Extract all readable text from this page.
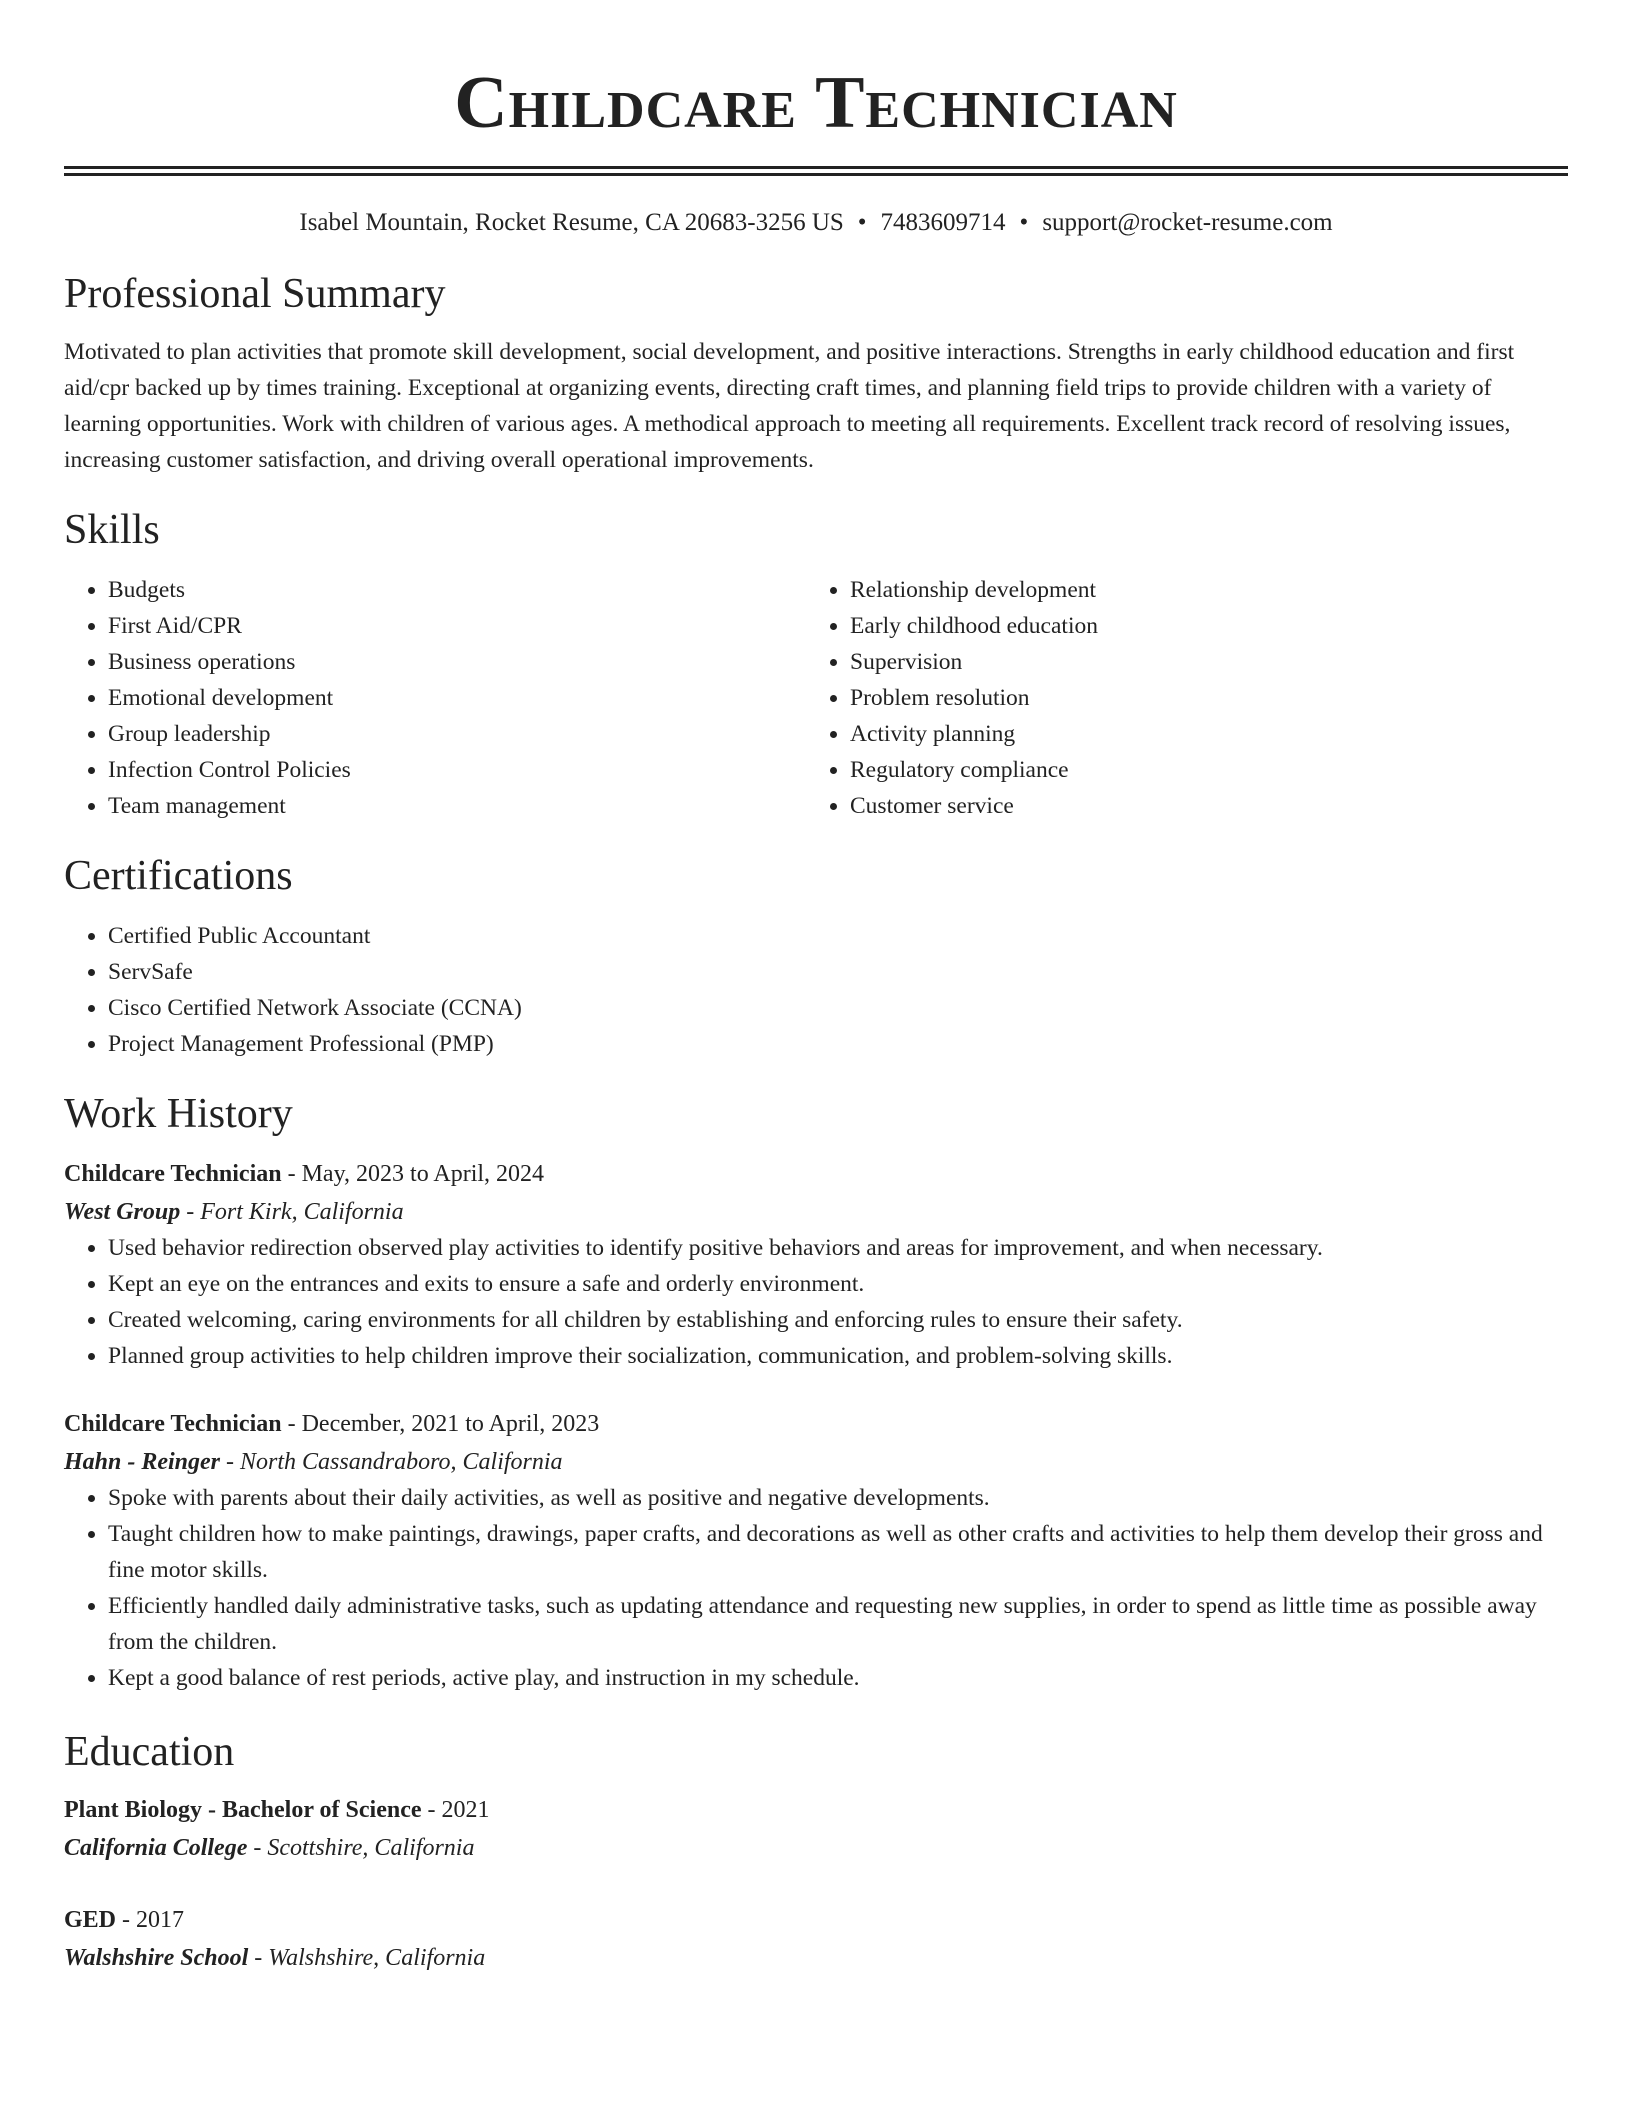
Childcare Technician
Isabel Mountain, Rocket Resume, CA 20683-3256 US • 7483609714 • support@rocket-resume.com
Professional Summary

Motivated to plan activities that promote skill development, social development, and positive interactions. Strengths in early childhood education and first aid/cpr backed up by times training. Exceptional at organizing events, directing craft times, and planning field trips to provide children with a variety of learning opportunities. Work with children of various ages. A methodical approach to meeting all requirements. Excellent track record of resolving issues, increasing customer satisfaction, and driving overall operational improvements.

Skills
• Budgets
• First Aid/CPR
• Business operations
• Emotional development
• Group leadership
• Infection Control Policies
• Team management
• Relationship development
• Early childhood education
• Supervision
• Problem resolution
• Activity planning
• Regulatory compliance
• Customer service
Certifications
• Certified Public Accountant
• ServSafe
• Cisco Certified Network Associate (CCNA)
• Project Management Professional (PMP)
Work History

Childcare Technician - May, 2023 to April, 2024

West Group - Fort Kirk, California

• Used behavior redirection observed play activities to identify positive behaviors and areas for improvement, and when necessary.
• Kept an eye on the entrances and exits to ensure a safe and orderly environment.
• Created welcoming, caring environments for all children by establishing and enforcing rules to ensure their safety.
• Planned group activities to help children improve their socialization, communication, and problem-solving skills.

Childcare Technician - December, 2021 to April, 2023

Hahn - Reinger - North Cassandraboro, California

• Spoke with parents about their daily activities, as well as positive and negative developments.
• Taught children how to make paintings, drawings, paper crafts, and decorations as well as other crafts and activities to help them develop their gross and fine motor skills.
• Efficiently handled daily administrative tasks, such as updating attendance and requesting new supplies, in order to spend as little time as possible away from the children.
• Kept a good balance of rest periods, active play, and instruction in my schedule.
Education

Plant Biology - Bachelor of Science - 2021

California College - Scottshire, California

GED - 2017

Walshshire School - Walshshire, California
